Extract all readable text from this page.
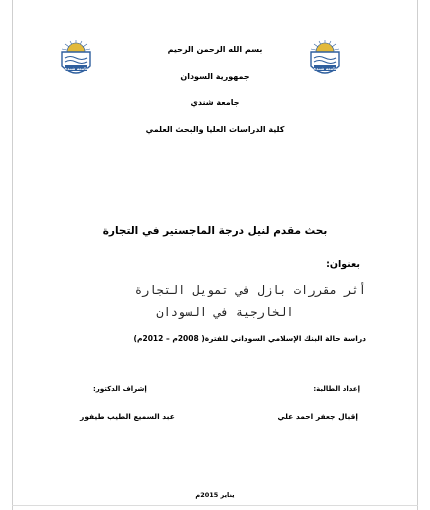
جامعة شندي	جامعة شندي
بسم الله الرحمن الرحيم
جمهورية السودان
جامعة شندي
كلية الدراسات العليا والبحث العلمي
بحث مقدم لنيل درجة الماجستير في التجارة
بعنوان:
أثر مقررات بازل في تمويل التجارة
الخارجية في السودان
دراسة حالة البنك الإسلامي السوداني للفترة( 2008م – 2012م)
إعداد الطالبة:
إشراف الدكتور:
إقبال جعفر احمد علي
عبد السميع الطيب طيفور
يناير 2015م
